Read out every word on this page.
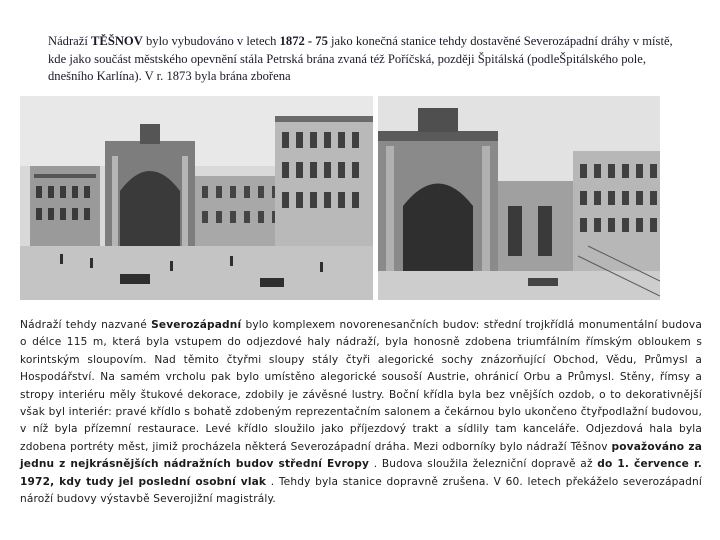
Nádraží TĚŠNOV bylo vybudováno v letech 1872 - 75 jako konečná stanice tehdy dostavěné Severozápadní dráhy v místě, kde jako součást městského opevnění stála Petrská brána zvaná též Poříčská, později Špitálská (podleŠpitálského pole, dnešního Karlína). V r. 1873 byla brána zbořena
Nádraží tehdy nazvané Severozápadní bylo komplexem novorenesančních budov: střední trojkřídlá monumentální budova o délce 115 m, která byla vstupem do odjezdové haly nádraží, byla honosně zdobena triumfálním římským obloukem s korintským sloupovím. Nad těmito čtyřmi sloupy stály čtyři alegorické sochy znázorňující Obchod, Vědu, Průmysl a Hospodářství. Na samém vrcholu pak bylo umístěno alegorické sousoší Austrie, ohránicí Orbu a Průmysl. Stěny, římsy a stropy interiéru měly štukové dekorace, zdobily je závěsné lustry. Boční křídla byla bez vnějších ozdob, o to dekorativnější však byl interiér: pravé křídlo s bohatě zdobeným reprezentačním salonem a čekárnou bylo ukončeno čtyřpodlažní budovou, v níž byla přízemní restaurace. Levé křídlo sloužilo jako příjezdový trakt a sídlily tam kanceláře. Odjezdová hala byla zdobena portréty měst, jimiž procházela některá Severozápadní dráha. Mezi odborníky bylo nádraží Těšnov považováno za jednu z nejkrásnějších nádražních budov střední Evropy . Budova sloužila železniční dopravě až do 1. července r. 1972, kdy tudy jel poslední osobní vlak . Tehdy byla stanice dopravně zrušena. V 60. letech překáželo severozápadní nároží budovy výstavbě Severojižní magistrály.
